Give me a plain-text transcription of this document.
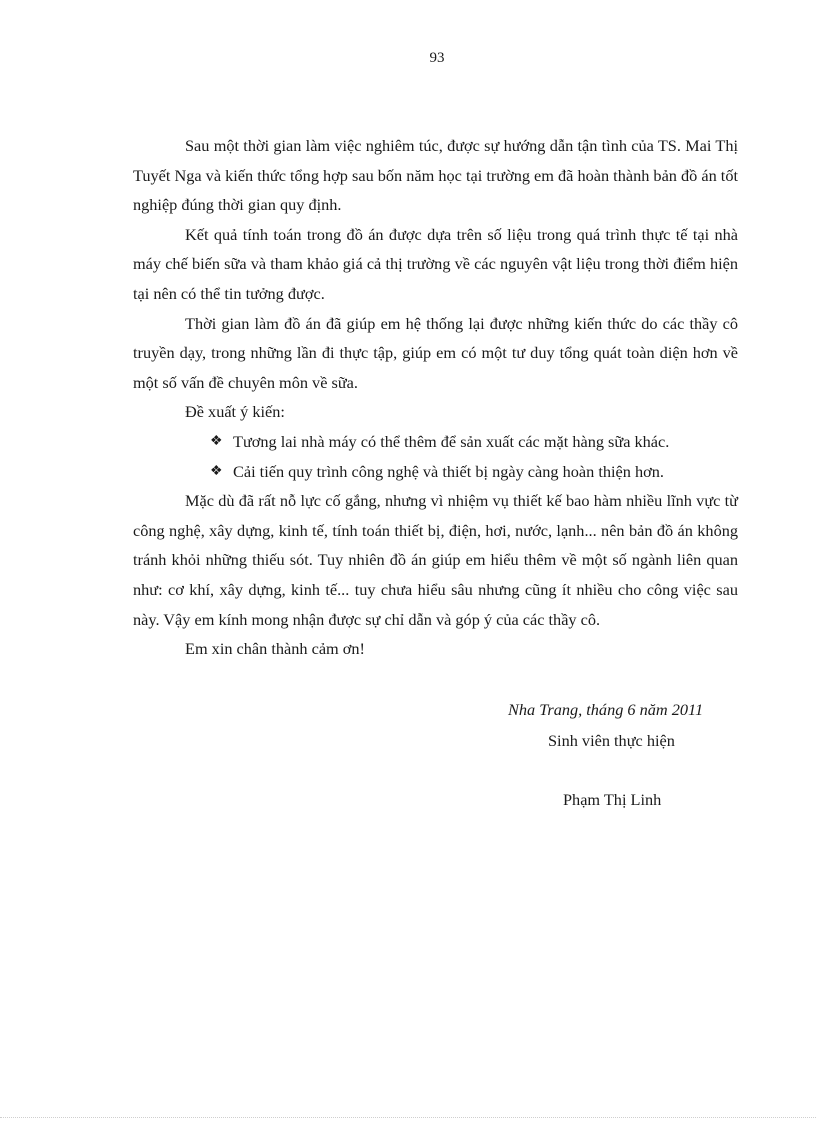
93

Sau một thời gian làm việc nghiêm túc, được sự hướng dẫn tận tình của TS. Mai Thị Tuyết Nga và kiến thức tổng hợp sau bốn năm học tại trường em đã hoàn thành bản đồ án tốt nghiệp đúng thời gian quy định.

Kết quả tính toán trong đồ án được dựa trên số liệu trong quá trình thực tế tại nhà máy chế biến sữa và tham khảo giá cả thị trường về các nguyên vật liệu trong thời điểm hiện tại nên có thể tin tưởng được.

Thời gian làm đồ án đã giúp em hệ thống lại được những kiến thức do các thầy cô truyền dạy, trong những lần đi thực tập, giúp em có một tư duy tổng quát toàn diện hơn về một số vấn đề chuyên môn về sữa.

Đề xuất ý kiến:

❖ Tương lai nhà máy có thể thêm để sản xuất các mặt hàng sữa khác.
❖ Cải tiến quy trình công nghệ và thiết bị ngày càng hoàn thiện hơn.

Mặc dù đã rất nỗ lực cố gắng, nhưng vì nhiệm vụ thiết kế bao hàm nhiều lĩnh vực từ công nghệ, xây dựng, kinh tế, tính toán thiết bị, điện, hơi, nước, lạnh... nên bản đồ án không tránh khỏi những thiếu sót. Tuy nhiên đồ án giúp em hiểu thêm về một số ngành liên quan như: cơ khí, xây dựng, kinh tế... tuy chưa hiểu sâu nhưng cũng ít nhiều cho công việc sau này. Vậy em kính mong nhận được sự chỉ dẫn và góp ý của các thầy cô.

Em xin chân thành cảm ơn!

Nha Trang, tháng 6 năm 2011
Sinh viên thực hiện
Phạm Thị Linh
